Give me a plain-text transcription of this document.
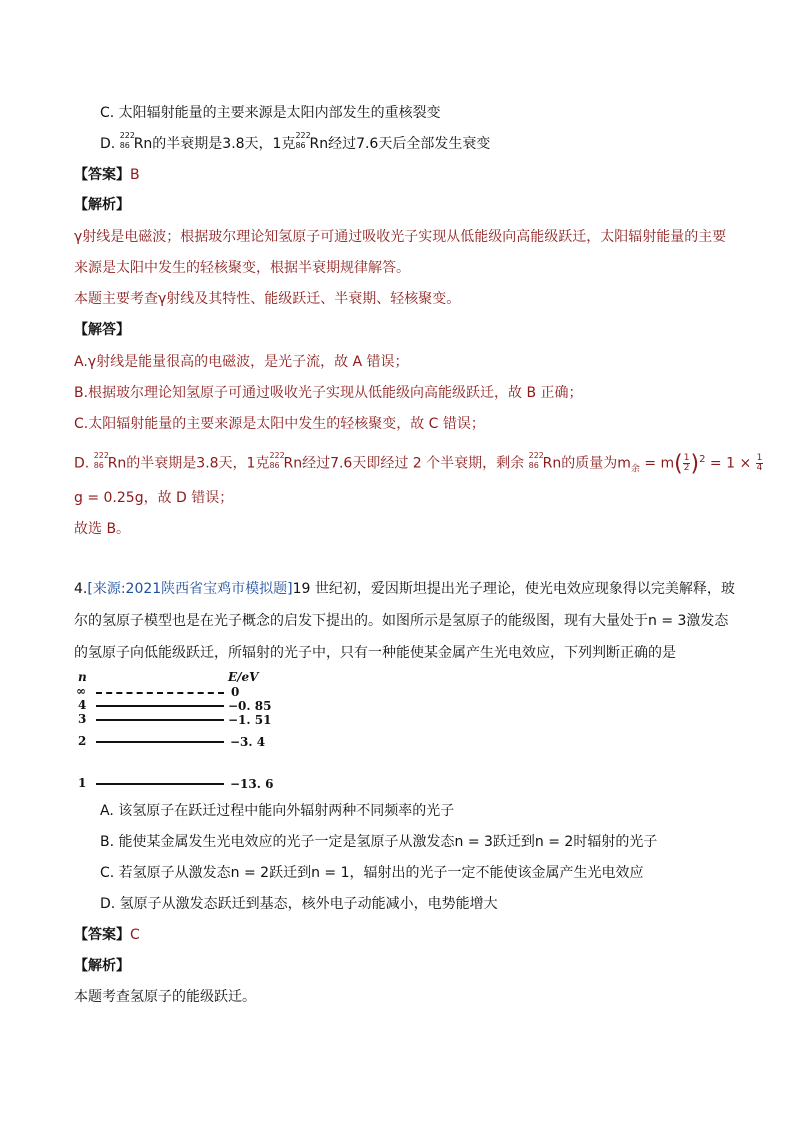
C. 太阳辐射能量的主要来源是太阳内部发生的重核裂变
D.
222
86 Rn的半衰期是3.8天，1克
222
86 Rn经过7.6天后全部发生衰变
【答案】B
【解析】
γ射线是电磁波；根据玻尔理论知氢原子可通过吸收光子实现从低能级向高能级跃迁，太阳辐射能量的主要
来源是太阳中发生的轻核聚变，根据半衰期规律解答。
本题主要考查γ射线及其特性、能级跃迁、半衰期、轻核聚变。
【解答】
A.γ射线是能量很高的电磁波，是光子流，故 A 错误；
B.根据玻尔理论知氢原子可通过吸收光子实现从低能级向高能级跃迁，故 B 正确；
C.太阳辐射能量的主要来源是太阳中发生的轻核聚变，故 C 错误；
D.
222
86 Rn的半衰期是3.8天，1克
222
86 Rn经过7.6天即经过 2 个半衰期，剩余
222
86 Rn的质量为$m_余 = m( \frac{1}{2} )^2 = 1 \times \frac{1}{4}$
g = 0.25g，故 D 错误；
故选 B。
4.[来源:2021陕西省宝鸡市模拟题]19 世纪初，爱因斯坦提出光子理论，使光电效应现象得以完美解释，玻
尔的氢原子模型也是在光子概念的启发下提出的。如图所示是氢原子的能级图，现有大量处于n = 3激发态
的氢原子向低能级跃迁，所辐射的光子中，只有一种能使某金属产生光电效应，下列判断正确的是
n	E/eV
∞	0
4	−0. 85
3	−1. 51
2	−3. 4
1	−13. 6
A. 该氢原子在跃迁过程中能向外辐射两种不同频率的光子
B. 能使某金属发生光电效应的光子一定是氢原子从激发态n = 3跃迁到n = 2时辐射的光子
C. 若氢原子从激发态n = 2跃迁到n = 1，辐射出的光子一定不能使该金属产生光电效应
D. 氢原子从激发态跃迁到基态，核外电子动能减小，电势能增大
【答案】C
【解析】
本题考查氢原子的能级跃迁。
